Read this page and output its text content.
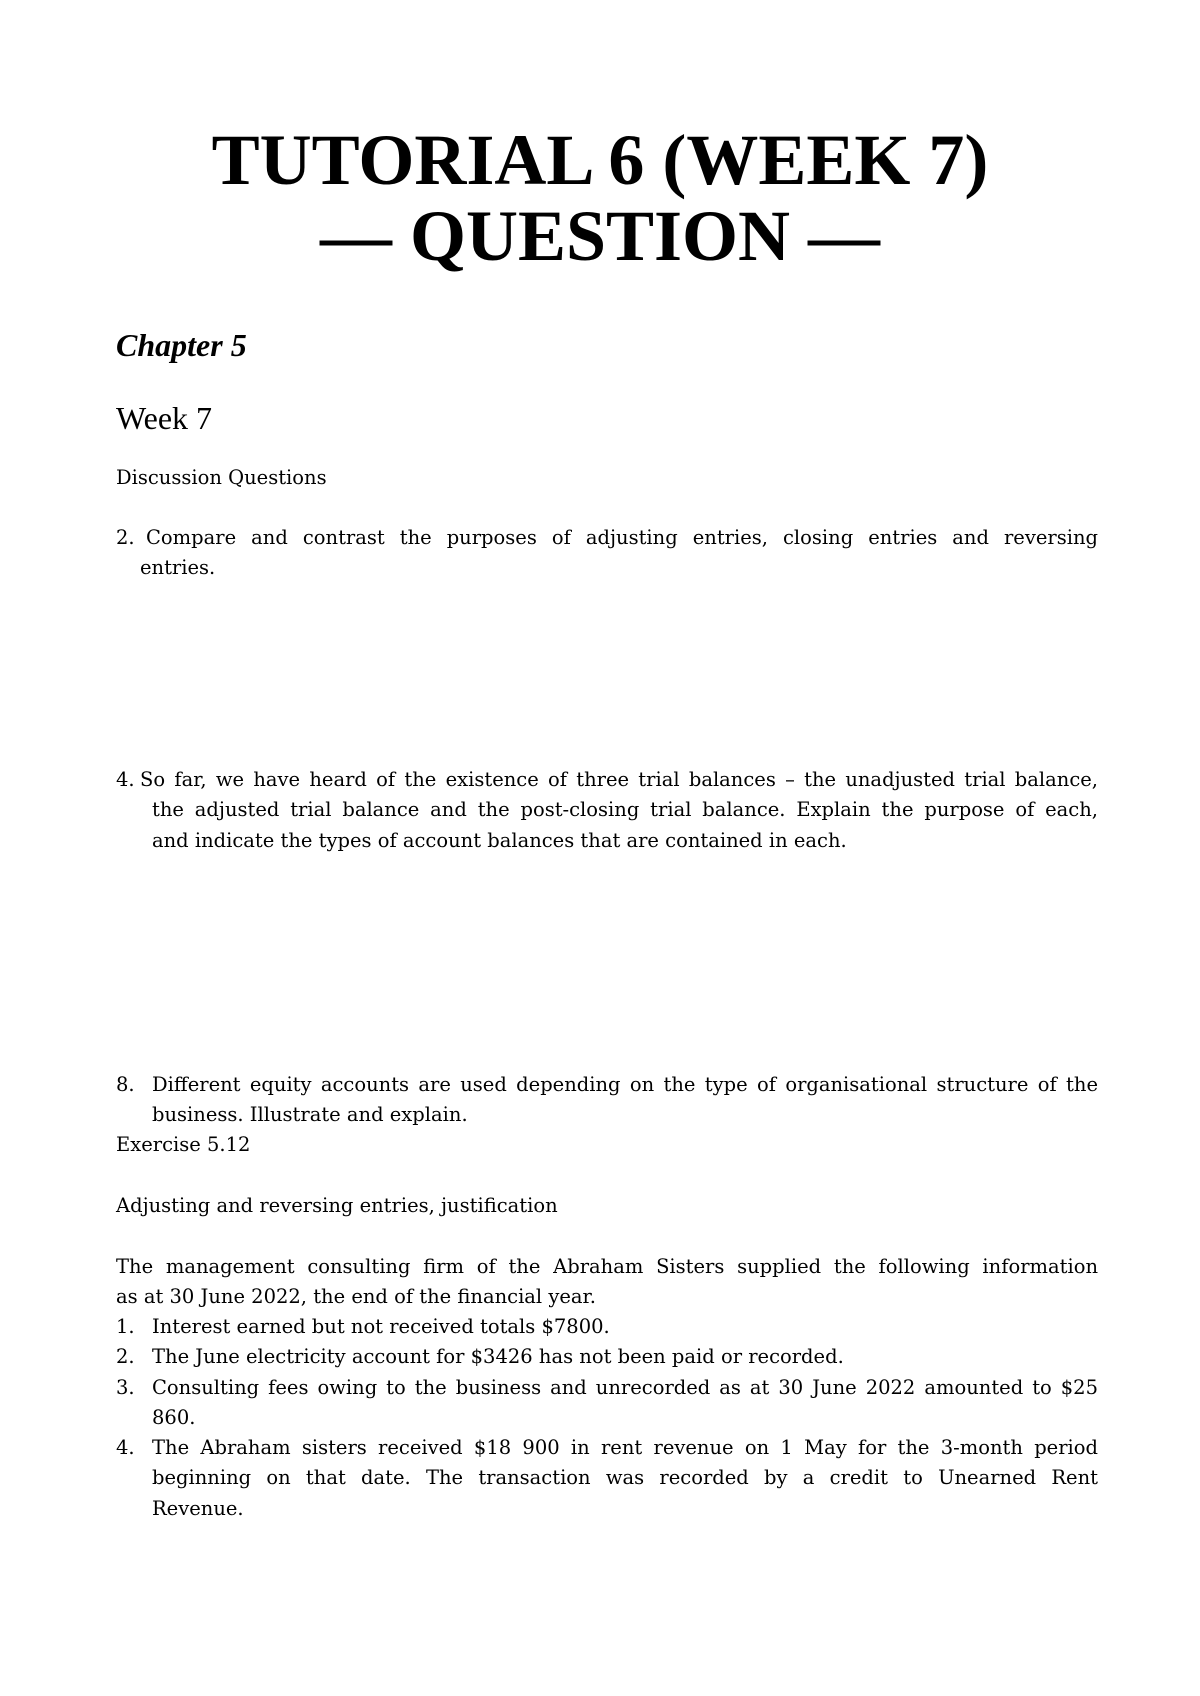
TUTORIAL 6 (WEEK 7)
— QUESTION —
Chapter 5
Week 7
Discussion Questions
2. Compare and contrast the purposes of adjusting entries, closing entries and reversing
entries.
4. So far, we have heard of the existence of three trial balances – the unadjusted trial balance,
the adjusted trial balance and the post-closing trial balance. Explain the purpose of each,
and indicate the types of account balances that are contained in each.
8. Different equity accounts are used depending on the type of organisational structure of the
business. Illustrate and explain.
Exercise 5.12
Adjusting and reversing entries, justification
The management consulting firm of the Abraham Sisters supplied the following information
as at 30 June 2022, the end of the financial year.
1. Interest earned but not received totals $7800.
2. The June electricity account for $3426 has not been paid or recorded.
3. Consulting fees owing to the business and unrecorded as at 30 June 2022 amounted to $25
860.
4. The Abraham sisters received $18 900 in rent revenue on 1 May for the 3-month period
beginning on that date. The transaction was recorded by a credit to Unearned Rent
Revenue.
